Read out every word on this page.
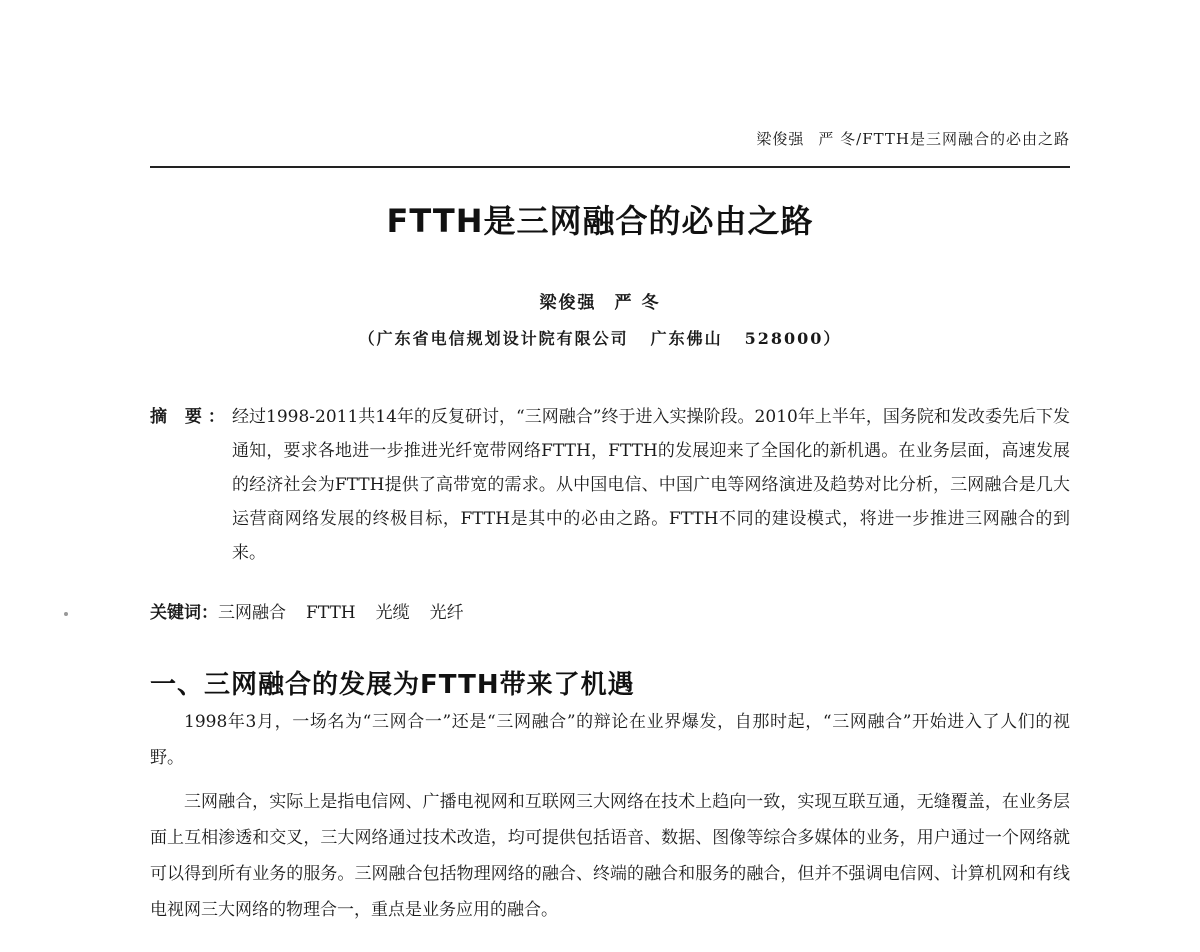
梁俊强 严 冬/FTTH是三网融合的必由之路
FTTH是三网融合的必由之路
梁俊强 严 冬
（广东省电信规划设计院有限公司 广东佛山 528000）
摘 要： 经过1998-2011共14年的反复研讨，“三网融合”终于进入实操阶段。2010年上半年，国务院和发改委先后下发通知，要求各地进一步推进光纤宽带网络FTTH，FTTH的发展迎来了全国化的新机遇。在业务层面，高速发展的经济社会为FTTH提供了高带宽的需求。从中国电信、中国广电等网络演进及趋势对比分析，三网融合是几大运营商网络发展的终极目标，FTTH是其中的必由之路。FTTH不同的建设模式，将进一步推进三网融合的到来。
关键词：三网融合 FTTH 光缆 光纤
一、三网融合的发展为FTTH带来了机遇
1998年3月，一场名为“三网合一”还是“三网融合”的辩论在业界爆发，自那时起，“三网融合”开始进入了人们的视野。
三网融合，实际上是指电信网、广播电视网和互联网三大网络在技术上趋向一致，实现互联互通，无缝覆盖，在业务层面上互相渗透和交叉，三大网络通过技术改造，均可提供包括语音、数据、图像等综合多媒体的业务，用户通过一个网络就可以得到所有业务的服务。三网融合包括物理网络的融合、终端的融合和服务的融合，但并不强调电信网、计算机网和有线电视网三大网络的物理合一，重点是业务应用的融合。
